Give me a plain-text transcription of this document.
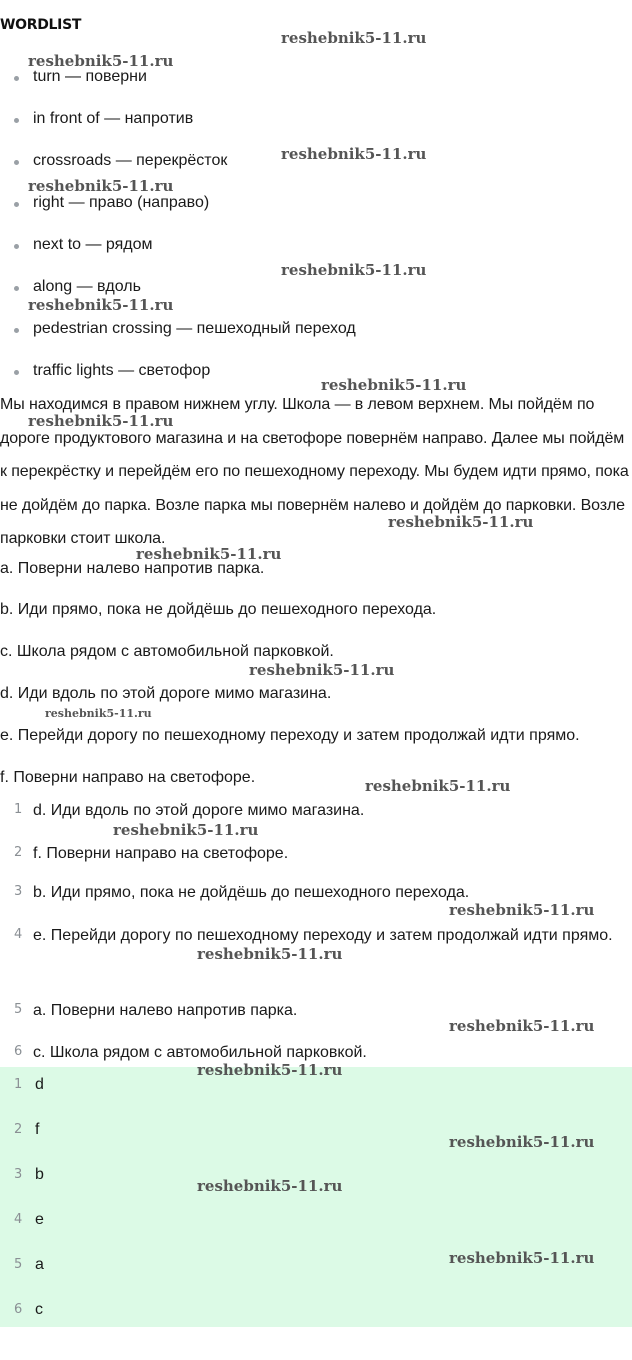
WORDLIST
turn — поверни
in front of — напротив
crossroads — перекрёсток
right — право (направо)
next to — рядом
along — вдоль
pedestrian crossing — пешеходный переход
traffic lights — светофор

Мы находимся в правом нижнем углу. Школа — в левом верхнем. Мы пойдём по дороге продуктового магазина и на светофоре повернём направо. Далее мы пойдём к перекрёстку и перейдём его по пешеходному переходу. Мы будем идти прямо, пока не дойдём до парка. Возле парка мы повернём налево и дойдём до парковки. Возле парковки стоит школа.

a. Поверни налево напротив парка.
b. Иди прямо, пока не дойдёшь до пешеходного перехода.
c. Школа рядом с автомобильной парковкой.
d. Иди вдоль по этой дороге мимо магазина.
e. Перейди дорогу по пешеходному переходу и затем продолжай идти прямо.
f. Поверни направо на светофоре.
1 d. Иди вдоль по этой дороге мимо магазина.
2 f. Поверни направо на светофоре.
3 b. Иди прямо, пока не дойдёшь до пешеходного перехода.
4 e. Перейди дорогу по пешеходному переходу и затем продолжай идти прямо.
5 a. Поверни налево напротив парка.
6 c. Школа рядом с автомобильной парковкой.
1 d
2 f
3 b
4 e
5 a
6 c
reshebnik5-11.ru
reshebnik5-11.ru
reshebnik5-11.ru
reshebnik5-11.ru
reshebnik5-11.ru
reshebnik5-11.ru
reshebnik5-11.ru
reshebnik5-11.ru
reshebnik5-11.ru
reshebnik5-11.ru
reshebnik5-11.ru
reshebnik5-11.ru
reshebnik5-11.ru
reshebnik5-11.ru
reshebnik5-11.ru
reshebnik5-11.ru
reshebnik5-11.ru
reshebnik5-11.ru
reshebnik5-11.ru
reshebnik5-11.ru
reshebnik5-11.ru
